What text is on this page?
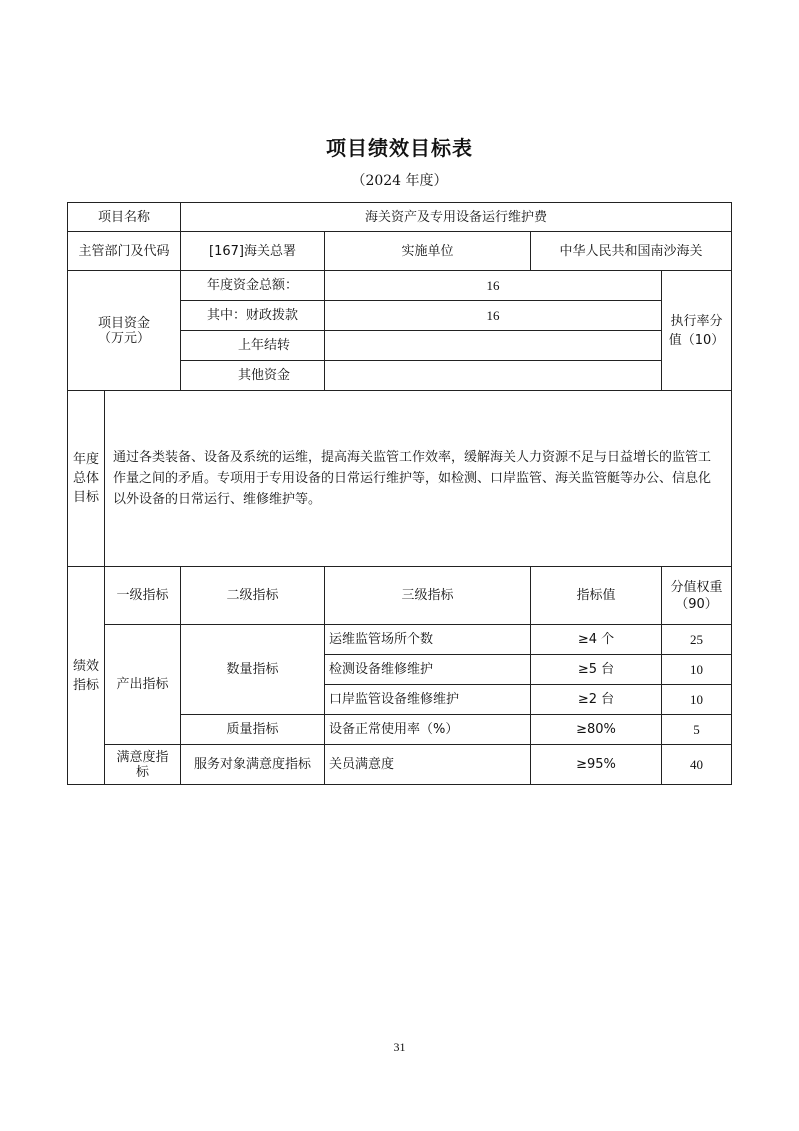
项目绩效目标表
（2024 年度）
项目名称		海关资产及专用设备运行维护费			
主管部门及代码		[167]海关总署	实施单位	中华人民共和国南沙海关	
项目资金（万元）		年度资金总额：	16		执行率分值（10）
		其中：财政拨款	16		
		上年结转			
		其他资金			
年度总体目标	通过各类装备、设备及系统的运维，提高海关监管工作效率，缓解海关人力资源不足与日益增长的监管工作量之间的矛盾。专项用于专用设备的日常运行维护等，如检测、口岸监管、海关监管艇等办公、信息化以外设备的日常运行、维修维护等。				
绩效指标	一级指标	二级指标	三级指标	指标值	分值权重（90）
	产出指标	数量指标	运维监管场所个数	≥4 个	25
			检测设备维修维护	≥5 台	10
			口岸监管设备维修维护	≥2 台	10
		质量指标	设备正常使用率（%）	≥80%	5
	满意度指标	服务对象满意度指标	关员满意度	≥95%	40
31
